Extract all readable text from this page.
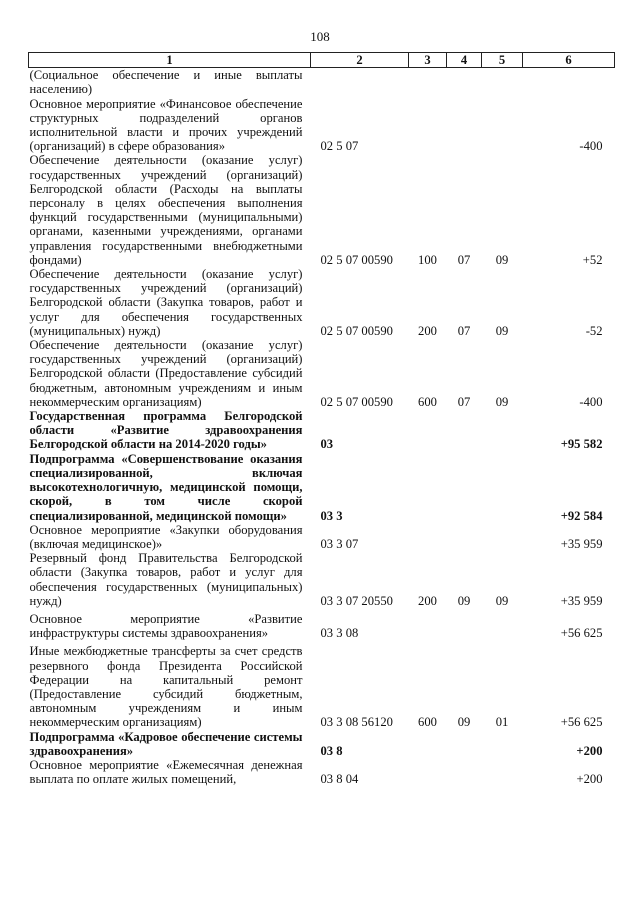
108
1	2	3	4	5	6
(Социальное обеспечение и иные выплаты населению)					
Основное мероприятие «Финансовое обеспечение структурных подразделений органов исполнительной власти и прочих учреждений (организаций) в сфере образования»	02 5 07				-400
Обеспечение деятельности (оказание услуг) государственных учреждений (организаций) Белгородской области (Расходы на выплаты персоналу в целях обеспечения выполнения функций государственными (муниципальными) органами, казенными учреждениями, органами управления государственными внебюджетными фондами)	02 5 07 00590	100	07	09	+52
Обеспечение деятельности (оказание услуг) государственных учреждений (организаций) Белгородской области (Закупка товаров, работ и услуг для обеспечения государственных (муниципальных) нужд)	02 5 07 00590	200	07	09	-52
Обеспечение деятельности (оказание услуг) государственных учреждений (организаций) Белгородской области (Предоставление субсидий бюджетным, автономным учреждениям и иным некоммерческим организациям)	02 5 07 00590	600	07	09	-400
Государственная программа Белгородской области «Развитие здравоохранения Белгородской области на 2014-2020 годы»	03				+95 582
Подпрограмма «Совершенствование оказания специализированной, включая высокотехнологичную, медицинской помощи, скорой, в том числе скорой специализированной, медицинской помощи»	03 3				+92 584
Основное мероприятие «Закупки оборудования (включая медицинское)»	03 3 07				+35 959
Резервный фонд Правительства Белгородской области (Закупка товаров, работ и услуг для обеспечения государственных (муниципальных) нужд)	03 3 07 20550	200	09	09	+35 959
Основное мероприятие «Развитие инфраструктуры системы здравоохранения»	03 3 08				+56 625
Иные межбюджетные трансферты за счет средств резервного фонда Президента Российской Федерации на капитальный ремонт (Предоставление субсидий бюджетным, автономным учреждениям и иным некоммерческим организациям)	03 3 08 56120	600	09	01	+56 625
Подпрограмма «Кадровое обеспечение системы здравоохранения»	03 8				+200
Основное мероприятие «Ежемесячная денежная выплата по оплате жилых помещений,	03 8 04				+200
